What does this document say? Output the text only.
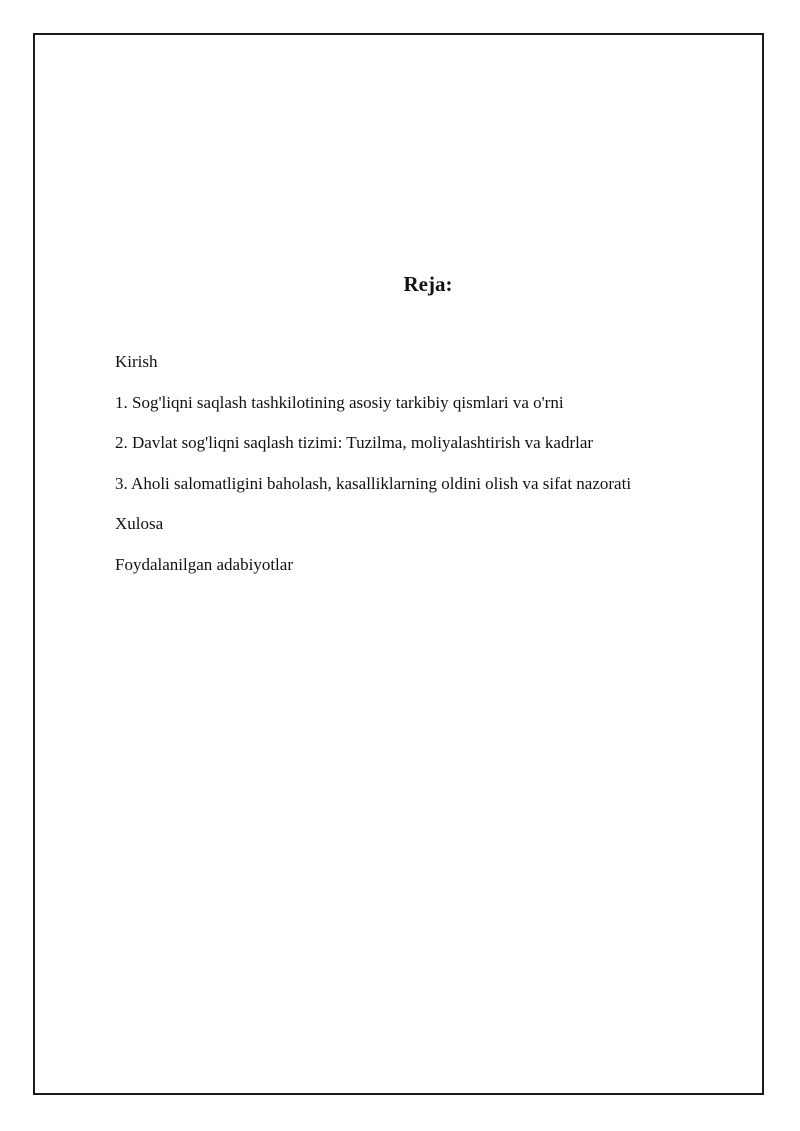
Reja:
Kirish
1. Sog'liqni saqlash tashkilotining asosiy tarkibiy qismlari va o'rni
2. Davlat sog'liqni saqlash tizimi: Tuzilma, moliyalashtirish va kadrlar
3. Aholi salomatligini baholash, kasalliklarning oldini olish va sifat nazorati
Xulosa
Foydalanilgan adabiyotlar
